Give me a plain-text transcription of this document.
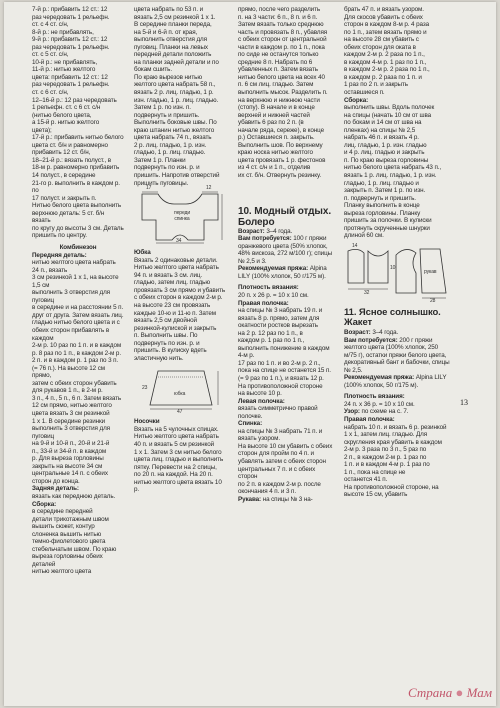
7-й р.: прибавить 12 ст.: 12

раз чередовать 1 рельефн.

ст. с 4 ст. с/н,

8-й р.: не прибавлять,

9-й р.: прибавить 12 ст.: 12

раз чередовать 1 рельефн.

ст. с 5 ст. с/н,

10-й р.: не прибавлять,

11-й р.: нитью желтого

цвета: прибавить 12 ст.: 12

раз чередовать 1 рельефн.

ст. с 6 ст. с/н,

12–16-й р.: 12 раз чередовать

1 рельефн. ст. с 6 ст. с/н

(нитью белого цвета,

а 15-й р. нитью желтого

цвета);

17-й р.: прибавить нитью белого

цвета ст. б/н и равномерно

прибавить 12 ст. б/н,

18–21-й р.: вязать полуст., в

18-м р. равномерно прибавить

14 полуст., в середине

21-го р. выполнить в каждом р. по

17 полуст. и закрыть п.

Нитью белого цвета выполнить

верхнюю деталь: 5 ст. б/н вязать

по кругу до высоты 3 см. Деталь

пришить по центру.

Комбинезон

Передняя деталь:

нитью желтого цвета набрать 24 п., вязать

3 см резинкой 1 х 1, на высоте 1,5 см

выполнить 3 отверстия для пуговиц

в середине и на расстоянии 5 п.

друг от друга. Затем вязать лиц.

гладью нитью белого цвета и с

обеих сторон прибавлять в каждом

2-м р. 10 раз по 1 п. и в каждом

р. 8 раз по 1 п., в каждом 2-м р.

2 п. и в каждом р. 1 раз по 3 п.

(= 76 п.). На высоте 12 см прямо,

затем с обеих сторон убавить

для рукавов 1 п., в 2-м р.

3 п., 4 п., 5 п., 6 п. Затем вязать

12 см прямо, нитью желтого

цвета вязать 3 см резинкой

1 х 1. В середине резинки

выполнить 3 отверстия для пуговиц

на 9-й и 10-й п., 20-й и 21-й

п., 33-й и 34-й п. в каждом

р. Для выреза горловины

закрыть на высоте 34 см

центральные 14 п. с обеих

сторон до конца.

Задняя деталь:

вязать как переднюю деталь.

Сборка:

в середине передней

детали трикотажным швом

вышить сюжет, контур

слоненка вышить нитью

темно-фиолетового цвета

стебельчатым швом. По краю

выреза горловины обеих деталей

нитью желтого цвета

цвета набрать по 53 п. и

вязать 2,5 см резинкой 1 х 1.

В середине планки переда,

на 5-й и 6-й п. от края,

выполнить отверстия для

пуговиц. Планки на левых

передней детали положить

на планки задней детали и по

бокам сшить.

По краю вырезов нитью

желтого цвета набрать 58 п.,

вязать 2 р. лиц. гладью, 1 р.

изн. гладью, 1 р. лиц. гладью.

Затем 1 р. по изн. п.

подвернуть и пришить.

Выполнить боковые швы. По

краю штанин нитью желтого

цвета набрать 74 п., вязать

2 р. лиц. гладью, 1 р. изн.

гладью, 1 р. лиц. гладью.

Затем 1 р. Планки

подвернуть по изн. р. и

пришить. Напротив отверстий

пришить пуговицы.

17	12
34
переди спинка

Юбка

Вязать 2 одинаковые детали.

Нитью желтого цвета набрать

94 п. и вязать 3 см. лиц.

гладью, затем лиц. гладью

провязать 3 см прямо и убавить

с обеих сторон в каждом 2-м р.

на высоте 23 см провязать

каждые 10-ю и 11-ю п. Затем

вязать 2,5 см двойной

резинкой-кулиской и закрыть

п. Выполнить швы. По

подвернуть по изн. р. и

пришить. В кулиску вдеть

эластичную нить.

23
юбка
47

Носочки

Вязать на 5 чулочных спицах.

Нитью желтого цвета набрать

40 п. и вязать 5 см резинкой

1 х 1. Затем 3 см нитью белого

цвета лиц. гладью и выполнить

пятку. Перевести на 2 спицы,

по 20 п. на каждой. На 20 п.

нитью желтого цвета вязать 10 р.

прямо, после чего разделить

п. на 3 части: 6 п., 8 п. и 6 п.

Затем вязать только среднюю

часть и провязать 8 п., убавляя

с обеих сторон от центральной

части в каждом р. по 1 п., пока

по сиде не останутся только

средние 8 п. Набрать по 6

убавленных п. Затем вязать

нитью белого цвета на всех 40

п. 6 см лиц. гладью. Затем

выполнить мысок. Разделить п.

на верхнюю и нижнюю части

(стопу). В начале и в конце

верхней и нижней частей

убавить 6 раз по 2 п. (в

начале ряда, сереже), в конце

р.) Оставшиеся п. закрыть.

Выполнить шов. По верхнему

краю носка нитью желтого

цвета провязать 1 р. фестонов

из 4 ст. с/н и 1 п., отделив

их ст. б/н. Отвернуть резинку.

10. Модный отдых. Болеро

Возраст: 3–4 года.

Вам потребуется: 100 г пряжи оранжевого цвета (50% хлопок, 48% вискоза, 272 м/100 г); спицы № 2,5 и 3.

Рекомендуемая пряжа: Alpina LILY (100% хлопок, 50 г/175 м).

Плотность вязания:
20 п. х 26 р. = 10 х 10 см.

Правая полочка:

на спицы № 3 набрать 19 п. и

вязать 8 р. прямо, затем для

окатности ростков вырезать

на 2 р. 12 раз по 1 п., в

каждом р. 1 раз по 1 п.,

выполнить понижение в каждом 4-м р.

17 раз по 1 п. и во 2-м р. 2 п.,

пока на спице не останется 15 п.

(= 9 раз по 1 п.), и вязать 12 р.

На противоположной стороне

на высоте 10 р.

Левая полочка:

вязать симметрично правой полочке.

Спинка:

на спицы № 3 набрать 71 п. и вязать узором.

На высоте 10 см убавить с обеих

сторон для пройм по 4 п. и

убавлять затем с обеих сторон

центральных 7 п. и с обеих сторон

по 2 п. в каждом 2-м р. после

окончания 4 п. и 3 п.

Рукава: на спицы № 3 на-

брать 47 п. и вязать узором.

Для скосов убавить с обеих

сторон в каждом 8-м р. 4 раза

по 1 п., затем вязать прямо и

на высоте 28 см убавить с

обеих сторон для оката в

каждом 2-м р. 2 раза по 1 п.,

в каждом 4-м р. 1 раз по 1 п.,

в каждом 2-м р. 2 раза по 1 п.,

в каждом р. 2 раза по 1 п. и

1 раз по 2 п. и закрыть

оставшиеся п.

Сборка:

выполнить швы. Вдоль полочек

на спицы (начать 10 см от шва

по бокам и 14 см от шва на

пленках) на спицы № 2,5

набрать 46 п. и вязать 4 р.

лиц. гладью, 1 р. изн. гладью

и 4 р. лиц. гладью и закрыть

п. По краю выреза горловины

нитью белого цвета набрать 43 п.,

вязать 1 р. лиц. гладью, 1 р. изн.

гладью, 1 р. лиц. гладью и

закрыть п. Затем 1 р. по изн.

п. подвернуть и пришить.

Планку выполнить в конце

выреза горловины. Планку

пришить за полочки. В кулиски

протянуть скрученные шнурки

длиной 60 см.

14
10
рукав
32
28

11. Ясное солнышко. Жакет

Возраст: 3–4 года.

Вам потребуется: 200 г пряжи желтого цвета (100% хлопок, 250 м/75 г), остатки пряжи белого цвета, декоративный бант и бабочки, спицы № 2,5.

Рекомендуемая пряжа: Alpina LILY (100% хлопок, 50 г/175 м).

Плотность вязания:
24 п. х 36 р. = 10 х 10 см.

Узор: по схеме на с. 7.

Правая полочка:

набрать 10 п. и вязать 6 р. резинкой

1 х 1, затем лиц. гладью. Для

скругления края убавить в каждом

2-м р. 3 раза по 3 п., 5 раз по

2 п., в каждом 2-м р. 1 раз по

1 п. и в каждом 4-м р. 1 раз по

1 п., пока на спице не

останется 41 п.

На противоположной стороне, на высоте 15 см, убавить

13
Страна ● Мам
